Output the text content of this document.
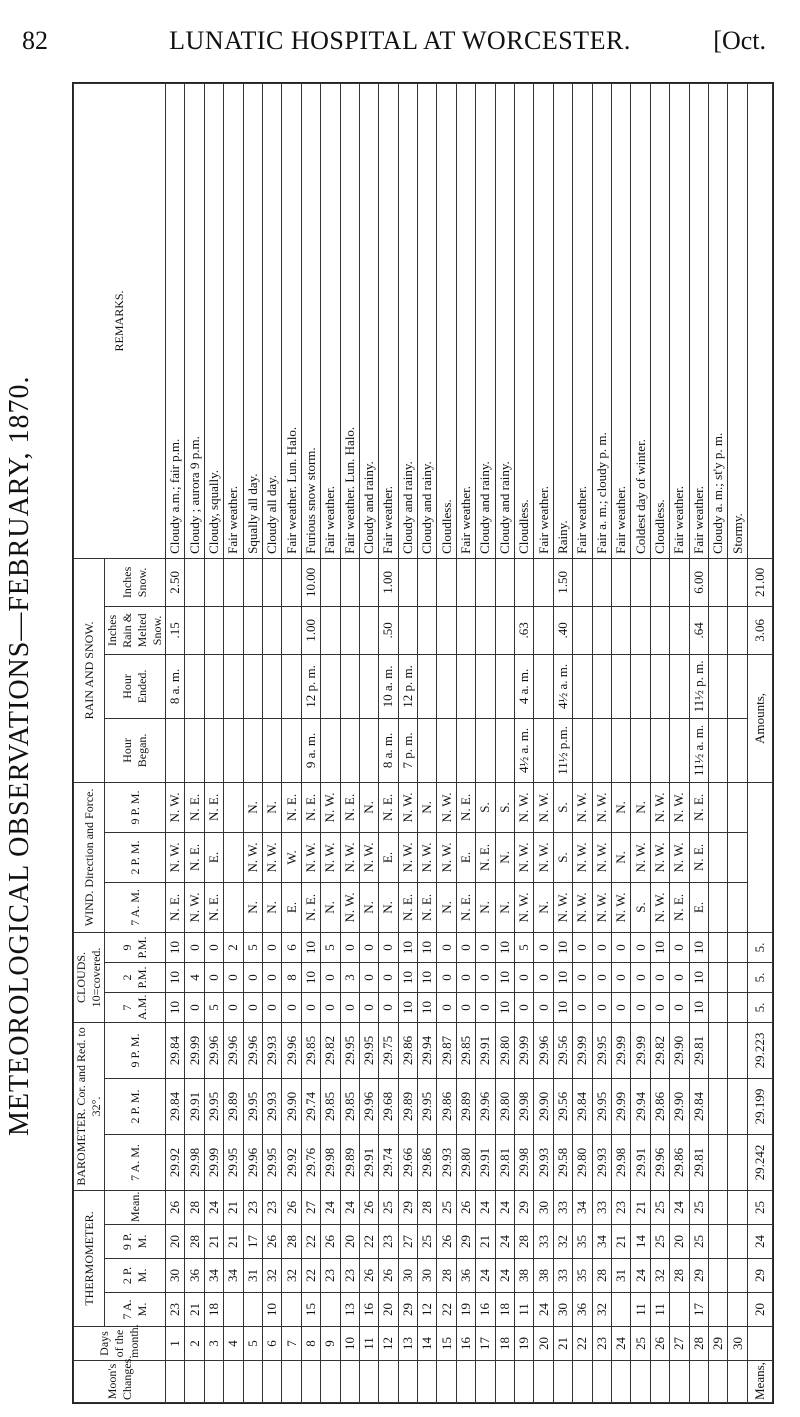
82	LUNATIC HOSPITAL AT WORCESTER.	[Oct.
METEOROLOGICAL OBSERVATIONS—FEBRUARY, 1870.
Moon's Changes.	Days of the month.	THERMOMETER.				BAROMETER. Cor. and Red. to 32°.			CLOUDS. 10=covered.			WIND. Direction and Force.			RAIN AND SNOW.				REMARKS.
		7 A. M.	2 P. M.	9 P. M.	Mean.	7 A. M.	2 P. M.	9 P. M.	7 A.M.	2 P.M.	9 P.M.	7 A. M.	2 P. M.	9 P. M.	Hour Began.	Hour Ended.	Inches Rain & Melted Snow.	Inches Snow.	
	1	23	30	20	26	29.92	29.84	29.84	10	10	10	N. E.	N. W.	N. W.		8 a. m.	.15	2.50	Cloudy a.m.; fair p.m.
	2	21	36	28	28	29.98	29.91	29.99	0	4	0	N. W.	N. E.	N. E.					Cloudy ; aurora 9 p.m.
	3	18	34	21	24	29.99	29.95	29.96	5	0	0	N. E.	E.	N. E.					Cloudy, squally.
	4		34	21	21	29.95	29.89	29.96	0	0	2								Fair weather.
	5		31	17	23	29.96	29.95	29.96	0	0	5	N.	N. W.	N.					Squally all day.
	6	10	32	26	23	29.95	29.93	29.93	0	0	0	N.	N. W.	N.					Cloudy all day.
	7		32	28	26	29.92	29.90	29.96	0	8	6	E.	W.	N. E.					Fair weather. Lun. Halo.
	8	15	22	22	27	29.76	29.74	29.85	0	10	10	N. E.	N. W.	N. E.	9 a. m.	12 p. m.	1.00	10.00	Furious snow storm.
	9		23	26	24	29.98	29.85	29.82	0	0	5	N.	N. W.	N. W.					Fair weather.
	10	13	23	20	24	29.89	29.85	29.95	0	3	0	N. W.	N. W.	N. E.					Fair weather. Lun. Halo.
	11	16	26	22	26	29.91	29.96	29.95	0	0	0	N.	N. W.	N.					Cloudy and rainy.
	12	20	26	23	25	29.74	29.68	29.75	0	0	0	N.	E.	N. E.	8 a. m.	10 a. m.	.50	1.00	Fair weather.
	13	29	30	27	29	29.66	29.89	29.86	10	10	10	N. E.	N. W.	N. W.	7 p. m.	12 p. m.			Cloudy and rainy.
	14	12	30	25	28	29.86	29.95	29.94	10	10	10	N. E.	N. W.	N.					Cloudy and rainy.
	15	22	28	26	25	29.93	29.86	29.87	0	0	0	N.	N. W.	N. W.					Cloudless.
	16	19	36	29	26	29.80	29.89	29.85	0	0	0	N. E.	E.	N. E.					Fair weather.
	17	16	24	21	24	29.91	29.96	29.91	0	0	0	N.	N. E.	S.					Cloudy and rainy.
	18	18	24	24	24	29.81	29.80	29.80	10	10	10	N.	N.	S.					Cloudy and rainy.
	19	11	38	28	29	29.98	29.98	29.99	0	0	5	N. W.	N. W.	N. W.	4½ a. m.	4 a. m.	.63		Cloudless.
	20	24	38	33	30	29.93	29.90	29.96	0	0	0	N.	N. W.	N. W.					Fair weather.
	21	30	33	32	33	29.58	29.56	29.56	10	10	10	N. W.	S.	S.	11½ p.m.	4½ a. m.	.40	1.50	Rainy.
	22	36	35	35	34	29.80	29.84	29.99	0	0	0	N. W.	N. W.	N. W.					Fair weather.
	23	32	28	34	33	29.93	29.95	29.95	0	0	0	N. W.	N. W.	N. W.					Fair a. m.; cloudy p. m.
	24		31	21	23	29.98	29.99	29.99	0	0	0	N. W.	N.	N.					Fair weather.
	25	11	24	14	21	29.91	29.94	29.99	0	0	0	S.	N. W.	N.					Coldest day of winter.
	26	11	32	25	25	29.96	29.86	29.82	0	0	10	N. W.	N. W.	N. W.					Cloudless.
	27		28	20	24	29.86	29.90	29.90	0	0	0	N. E.	N. W.	N. W.					Fair weather.
	28	17	29	25	25	29.81	29.84	29.81	10	10	10	E.	N. E.	N. E.	11½ a. m.	11½ p. m.	.64	6.00	Fair weather.
	29																		Cloudy a. m.; st'y p. m.
	30																		Stormy.
Means,		20	29	24	25	29.242	29.199	29.223	5.	5.	5.				Amounts,		3.06	21.00	
